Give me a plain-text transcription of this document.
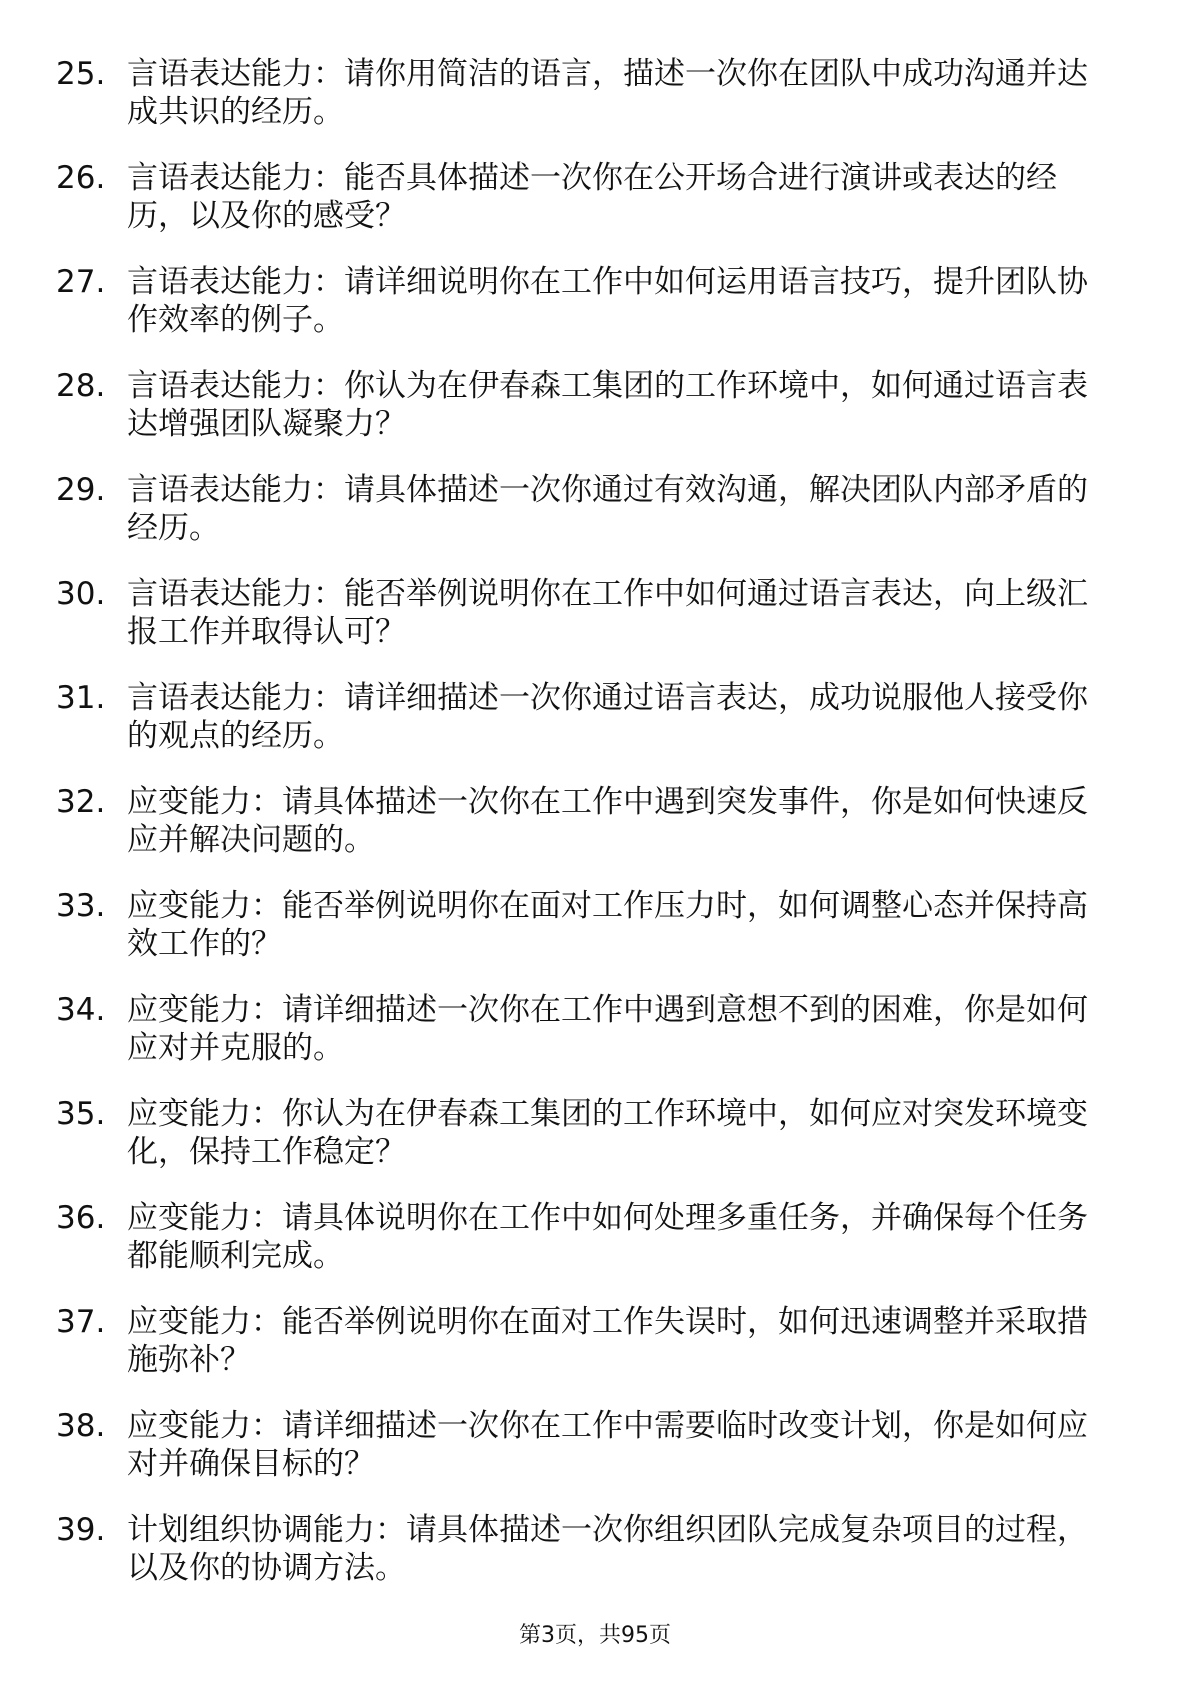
25. 言语表达能力：请你用简洁的语言，描述一次你在团队中成功沟通并达成共识的经历。
26. 言语表达能力：能否具体描述一次你在公开场合进行演讲或表达的经历，以及你的感受？
27. 言语表达能力：请详细说明你在工作中如何运用语言技巧，提升团队协作效率的例子。
28. 言语表达能力：你认为在伊春森工集团的工作环境中，如何通过语言表达增强团队凝聚力？
29. 言语表达能力：请具体描述一次你通过有效沟通，解决团队内部矛盾的经历。
30. 言语表达能力：能否举例说明你在工作中如何通过语言表达，向上级汇报工作并取得认可？
31. 言语表达能力：请详细描述一次你通过语言表达，成功说服他人接受你的观点的经历。
32. 应变能力：请具体描述一次你在工作中遇到突发事件，你是如何快速反应并解决问题的。
33. 应变能力：能否举例说明你在面对工作压力时，如何调整心态并保持高效工作的？
34. 应变能力：请详细描述一次你在工作中遇到意想不到的困难，你是如何应对并克服的。
35. 应变能力：你认为在伊春森工集团的工作环境中，如何应对突发环境变化，保持工作稳定？
36. 应变能力：请具体说明你在工作中如何处理多重任务，并确保每个任务都能顺利完成。
37. 应变能力：能否举例说明你在面对工作失误时，如何迅速调整并采取措施弥补？
38. 应变能力：请详细描述一次你在工作中需要临时改变计划，你是如何应对并确保目标的？
39. 计划组织协调能力：请具体描述一次你组织团队完成复杂项目的过程，以及你的协调方法。
第3页，共95页
